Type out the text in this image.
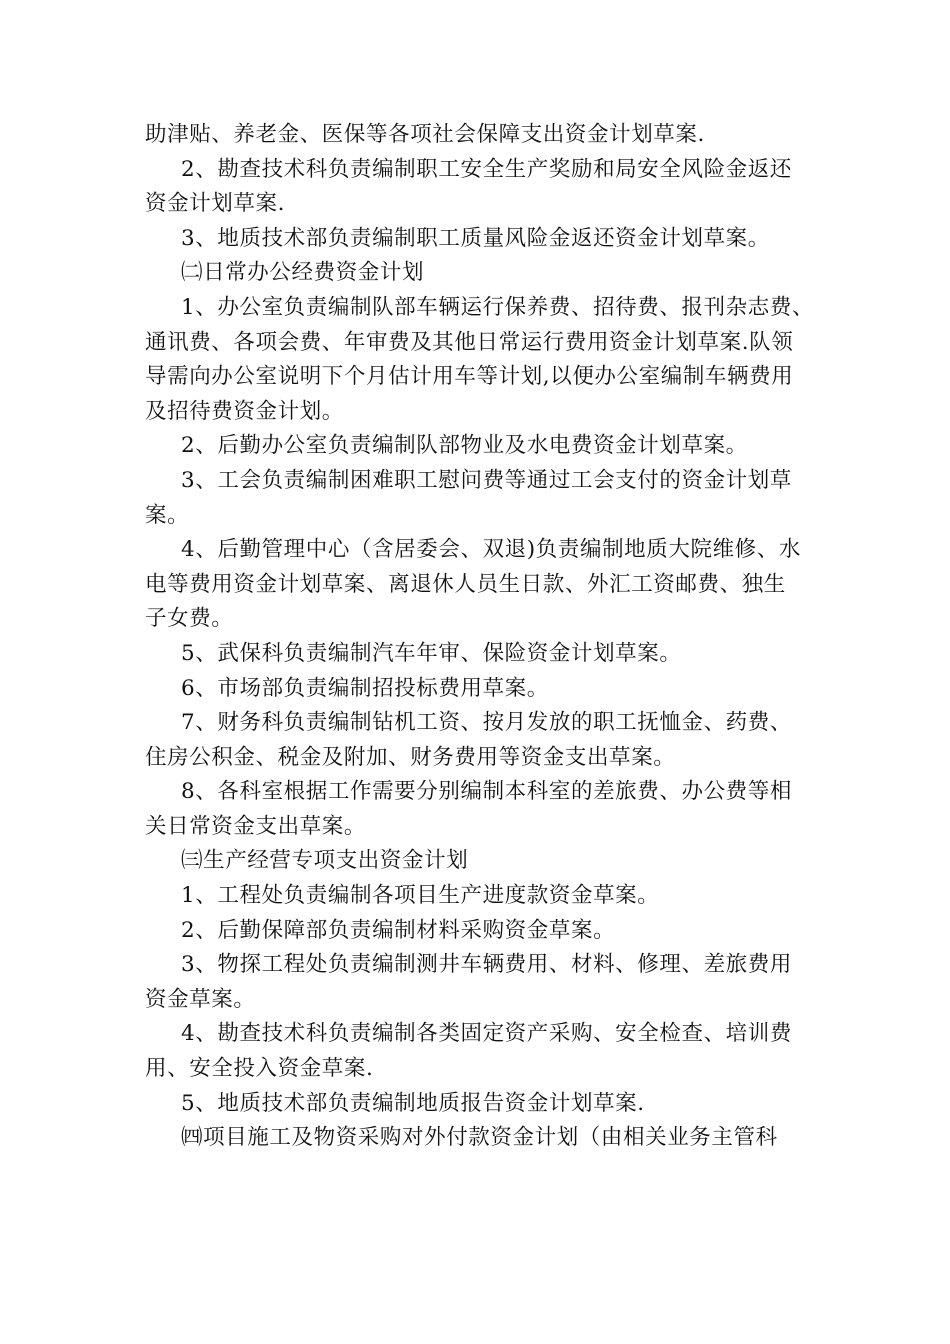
助津贴、养老金、医保等各项社会保障支出资金计划草案.
2、勘查技术科负责编制职工安全生产奖励和局安全风险金返还
资金计划草案.
3、地质技术部负责编制职工质量风险金返还资金计划草案。
㈡日常办公经费资金计划
1、办公室负责编制队部车辆运行保养费、招待费、报刊杂志费、
通讯费、各项会费、年审费及其他日常运行费用资金计划草案.队领
导需向办公室说明下个月估计用车等计划,以便办公室编制车辆费用
及招待费资金计划。
2、后勤办公室负责编制队部物业及水电费资金计划草案。
3、工会负责编制困难职工慰问费等通过工会支付的资金计划草
案。
4、后勤管理中心（含居委会、双退)负责编制地质大院维修、水
电等费用资金计划草案、离退休人员生日款、外汇工资邮费、独生
子女费。
5、武保科负责编制汽车年审、保险资金计划草案。
6、市场部负责编制招投标费用草案。
7、财务科负责编制钻机工资、按月发放的职工抚恤金、药费、
住房公积金、税金及附加、财务费用等资金支出草案。
8、各科室根据工作需要分别编制本科室的差旅费、办公费等相
关日常资金支出草案。
㈢生产经营专项支出资金计划
1、工程处负责编制各项目生产进度款资金草案。
2、后勤保障部负责编制材料采购资金草案。
3、物探工程处负责编制测井车辆费用、材料、修理、差旅费用
资金草案。
4、勘查技术科负责编制各类固定资产采购、安全检查、培训费
用、安全投入资金草案.
5、地质技术部负责编制地质报告资金计划草案.
㈣项目施工及物资采购对外付款资金计划（由相关业务主管科
